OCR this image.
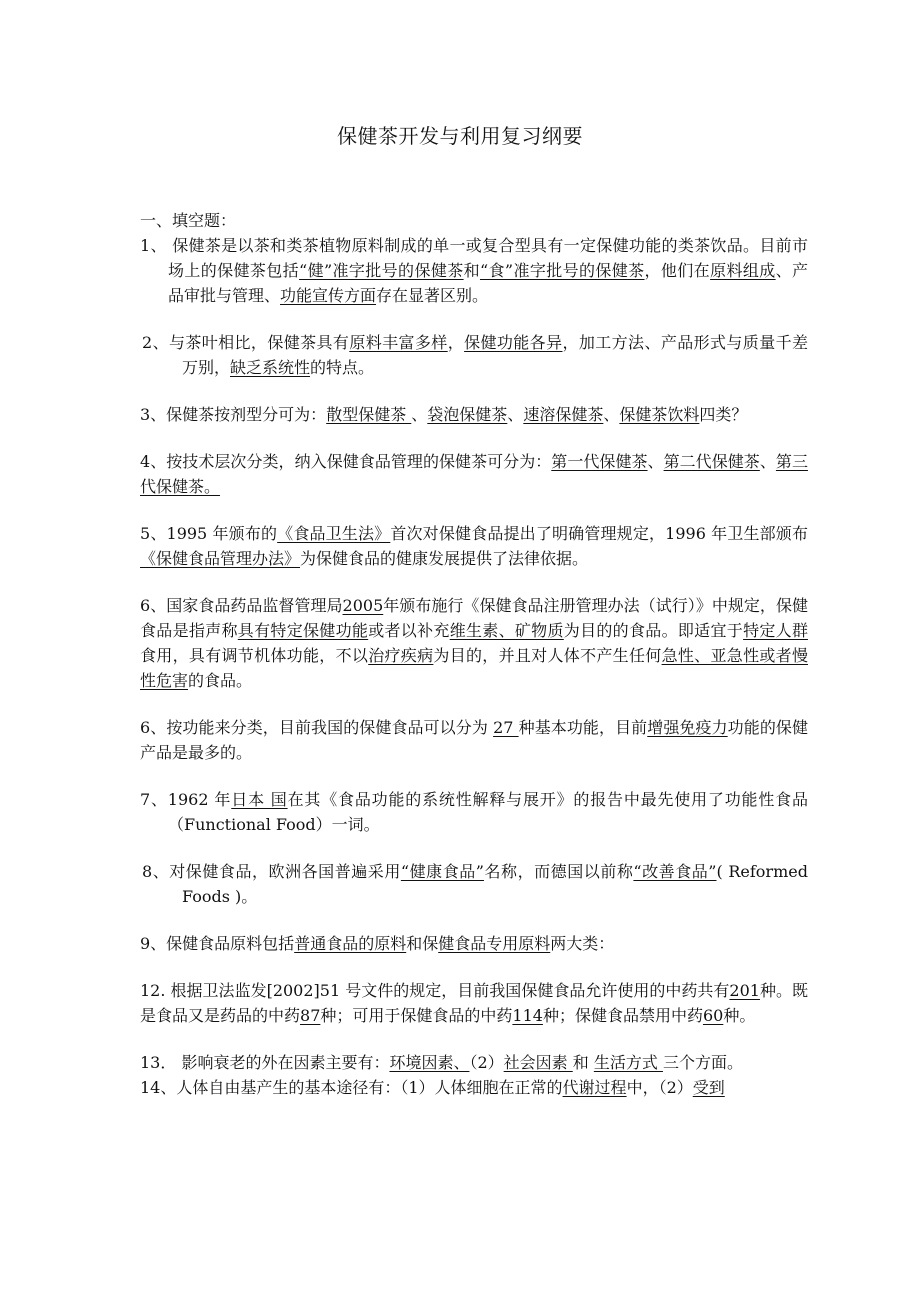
保健茶开发与利用复习纲要

一、填空题：

1、 保健茶是以茶和类茶植物原料制成的单一或复合型具有一定保健功能的类茶饮品。目前市场上的保健茶包括“健”准字批号的保健茶和“食”准字批号的保健茶，他们在原料组成、产品审批与管理、功能宣传方面存在显著区别。

2、与茶叶相比，保健茶具有原料丰富多样，保健功能各异，加工方法、产品形式与质量千差万别，缺乏系统性的特点。

3、保健茶按剂型分可为：散型保健茶 、袋泡保健茶、速溶保健茶、保健茶饮料四类？

4、按技术层次分类，纳入保健食品管理的保健茶可分为：第一代保健茶、第二代保健茶、第三代保健茶。

5、1995 年颁布的《食品卫生法》首次对保健食品提出了明确管理规定，1996 年卫生部颁布《保健食品管理办法》为保健食品的健康发展提供了法律依据。

6、国家食品药品监督管理局2005年颁布施行《保健食品注册管理办法（试行）》中规定，保健食品是指声称具有特定保健功能或者以补充维生素、矿物质为目的的食品。即适宜于特定人群食用，具有调节机体功能，不以治疗疾病为目的，并且对人体不产生任何急性、亚急性或者慢性危害的食品。

6、按功能来分类，目前我国的保健食品可以分为 27 种基本功能，目前增强免疫力功能的保健产品是最多的。

7、1962 年日本 国在其《食品功能的系统性解释与展开》的报告中最先使用了功能性食品（Functional Food）一词。

8、对保健食品，欧洲各国普遍采用“健康食品”名称，而德国以前称“改善食品”( Reformed Foods )。

9、保健食品原料包括普通食品的原料和保健食品专用原料两大类：

12. 根据卫法监发[2002]51 号文件的规定，目前我国保健食品允许使用的中药共有201种。既是食品又是药品的中药87种；可用于保健食品的中药114种；保健食品禁用中药60种。

13． 影响衰老的外在因素主要有：环境因素、（2）社会因素 和 生活方式 三个方面。

14、人体自由基产生的基本途径有：（1）人体细胞在正常的代谢过程中，（2）受到
